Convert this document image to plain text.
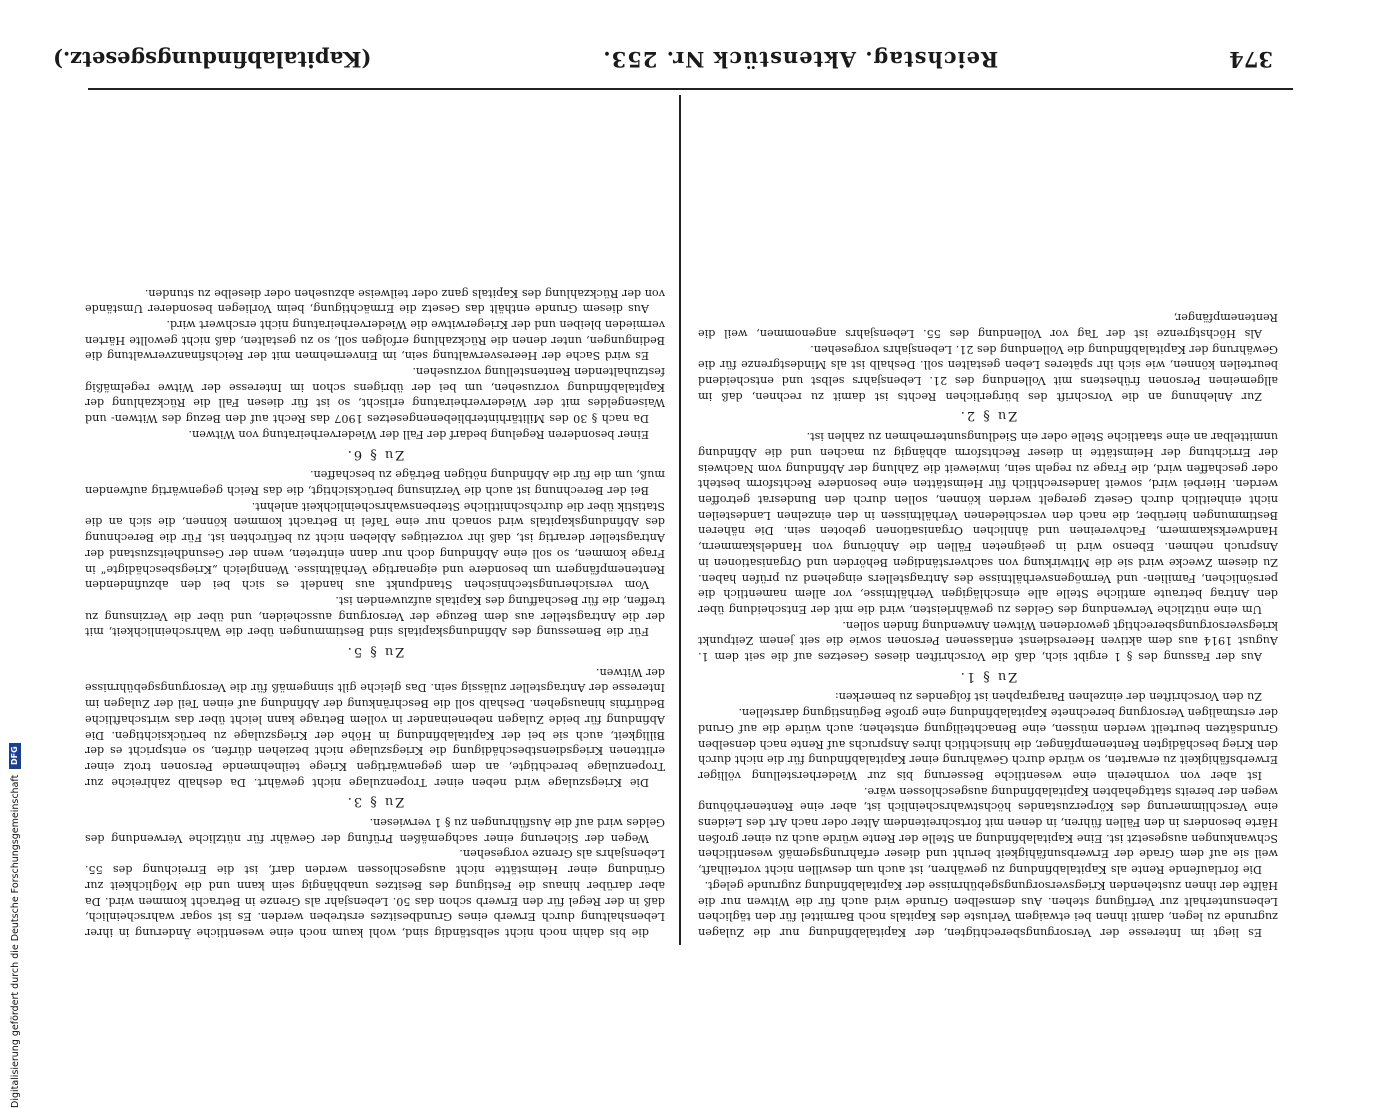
374
Reichstag. Aktenstück Nr. 253.
(Kapitalabfindungsgesetz.)

Es liegt im Interesse der Versorgungsberechtigten, der Kapitalabfindung nur die Zulagen zugrunde zu legen, damit ihnen bei etwaigem Verluste des Kapitals noch Barmittel für den täglichen Lebensunterhalt zur Verfügung stehen. Aus demselben Grunde wird auch für die Witwen nur die Hälfte der ihnen zustehenden Kriegsversorgungsgebührnisse der Kapitalabfindung zugrunde gelegt.

Die fortlaufende Rente als Kapitalabfindung zu gewähren, ist auch um deswillen nicht vorteilhaft, weil sie auf dem Grade der Erwerbsunfähigkeit beruht und dieser erfahrungsgemäß wesentlichen Schwankungen ausgesetzt ist. Eine Kapitalabfindung an Stelle der Rente würde auch zu einer großen Härte besonders in den Fällen führen, in denen mit fortschreitendem Alter oder nach Art des Leidens eine Verschlimmerung des Körperzustandes höchstwahrscheinlich ist, aber eine Rentenerhöhung wegen der bereits stattgehabten Kapitalabfindung ausgeschlossen wäre.

Ist aber von vornherein eine wesentliche Besserung bis zur Wiederherstellung völliger Erwerbsfähigkeit zu erwarten, so würde durch Gewährung einer Kapitalabfindung für die nicht durch den Krieg beschädigten Rentenempfänger, die hinsichtlich ihres Anspruchs auf Rente nach denselben Grundsätzen beurteilt werden müssen, eine Benachteiligung entstehen; auch würde die auf Grund der erstmaligen Versorgung berechnete Kapitalabfindung eine große Begünstigung darstellen.

Zu den Vorschriften der einzelnen Paragraphen ist folgendes zu bemerken:

Zu § 1.

Aus der Fassung des § 1 ergibt sich, daß die Vorschriften dieses Gesetzes auf die seit dem 1. August 1914 aus dem aktiven Heeresdienst entlassenen Personen sowie die seit jenem Zeitpunkt kriegsversorgungsberechtigt gewordenen Witwen Anwendung finden sollen.

Um eine nützliche Verwendung des Geldes zu gewährleisten, wird die mit der Entscheidung über den Antrag betraute amtliche Stelle alle einschlägigen Verhältnisse, vor allem namentlich die persönlichen, Familien- und Vermögensverhältnisse des Antragstellers eingehend zu prüfen haben. Zu diesem Zwecke wird sie die Mitwirkung von sachverständigen Behörden und Organisationen in Anspruch nehmen. Ebenso wird in geeigneten Fällen die Anhörung von Handelskammern, Handwerkskammern, Fachvereinen und ähnlichen Organisationen geboten sein. Die näheren Bestimmungen hierüber, die nach den verschiedenen Verhältnissen in den einzelnen Landesteilen nicht einheitlich durch Gesetz geregelt werden können, sollen durch den Bundesrat getroffen werden. Hierbei wird, soweit landesrechtlich für Heimstätten eine besondere Rechtsform besteht oder geschaffen wird, die Frage zu regeln sein, inwieweit die Zahlung der Abfindung vom Nachweis der Errichtung der Heimstätte in dieser Rechtsform abhängig zu machen und die Abfindung unmittelbar an eine staatliche Stelle oder ein Siedlungsunternehmen zu zahlen ist.

Zu § 2.

Zur Anlehnung an die Vorschrift des bürgerlichen Rechts ist damit zu rechnen, daß im allgemeinen Personen frühestens mit Vollendung des 21. Lebensjahrs selbst und entscheidend beurteilen können, wie sich ihr späteres Leben gestalten soll. Deshalb ist als Mindestgrenze für die Gewährung der Kapitalabfindung die Vollendung des 21. Lebensjahrs vorgesehen.

Als Höchstgrenze ist der Tag vor Vollendung des 55. Lebensjahrs angenommen, weil die Rentenempfänger,

die bis dahin noch nicht selbständig sind, wohl kaum noch eine wesentliche Änderung in ihrer Lebenshaltung durch Erwerb eines Grundbesitzes erstreben werden. Es ist sogar wahrscheinlich, daß in der Regel für den Erwerb schon das 50. Lebensjahr als Grenze in Betracht kommen wird. Da aber darüber hinaus die Festigung des Besitzes unabhängig sein kann und die Möglichkeit zur Gründung einer Heimstätte nicht ausgeschlossen werden darf, ist die Erreichung des 55. Lebensjahrs als Grenze vorgesehen.

Wegen der Sicherung einer sachgemäßen Prüfung der Gewähr für nützliche Verwendung des Geldes wird auf die Ausführungen zu § 1 verwiesen.

Zu § 3.

Die Kriegszulage wird neben einer Tropenzulage nicht gewährt. Da deshalb zahlreiche zur Tropenzulage berechtigte, an dem gegenwärtigen Kriege teilnehmende Personen trotz einer erlittenen Kriegsdienstbeschädigung die Kriegszulage nicht beziehen dürfen, so entspricht es der Billigkeit, auch sie bei der Kapitalabfindung in Höhe der Kriegszulage zu berücksichtigen. Die Abfindung für beide Zulagen nebeneinander in vollem Betrage kann leicht über das wirtschaftliche Bedürfnis hinausgehen. Deshalb soll die Beschränkung der Abfindung auf einen Teil der Zulagen im Interesse der Antragsteller zulässig sein. Das gleiche gilt sinngemäß für die Versorgungsgebührnisse der Witwen.

Zu § 5.

Für die Bemessung des Abfindungskapitals sind Bestimmungen über die Wahrscheinlichkeit, mit der die Antragsteller aus dem Bezuge der Versorgung ausscheiden, und über die Verzinsung zu treffen, die für Beschaffung des Kapitals aufzuwenden ist.

Vom versicherungstechnischen Standpunkt aus handelt es sich bei den abzufindenden Rentenempfängern um besondere und eigenartige Verhältnisse. Wenngleich „Kriegsbeschädigte“ in Frage kommen, so soll eine Abfindung doch nur dann eintreten, wenn der Gesundheitszustand der Antragsteller derartig ist, daß ihr vorzeitiges Ableben nicht zu befürchten ist. Für die Berechnung des Abfindungskapitals wird sonach nur eine Tafel in Betracht kommen können, die sich an die Statistik über die durchschnittliche Sterbenswahrscheinlichkeit anlehnt.

Bei der Berechnung ist auch die Verzinsung berücksichtigt, die das Reich gegenwärtig aufwenden muß, um die für die Abfindung nötigen Beträge zu beschaffen.

Zu § 6.

Einer besonderen Regelung bedarf der Fall der Wiederverheiratung von Witwen.

Da nach § 30 des Militärhinterbliebenengesetzes 1907 das Recht auf den Bezug des Witwen- und Waisengeldes mit der Wiederverheiratung erlischt, so ist für diesen Fall die Rückzahlung der Kapitalabfindung vorzusehen, um bei der übrigens schon im Interesse der Witwe regelmäßig festzuhaltenden Rentenstellung vorzusehen.

Es wird Sache der Heeresverwaltung sein, im Einvernehmen mit der Reichsfinanzverwaltung die Bedingungen, unter denen die Rückzahlung erfolgen soll, so zu gestalten, daß nicht gewollte Härten vermieden bleiben und der Kriegerwitwe die Wiederverheiratung nicht erschwert wird.

Aus diesem Grunde enthält das Gesetz die Ermächtigung, beim Vorliegen besonderer Umstände von der Rückzahlung des Kapitals ganz oder teilweise abzusehen oder dieselbe zu stunden.

Digitalisierung gefördert durch die Deutsche Forschungsgemeinschaft
DFG
